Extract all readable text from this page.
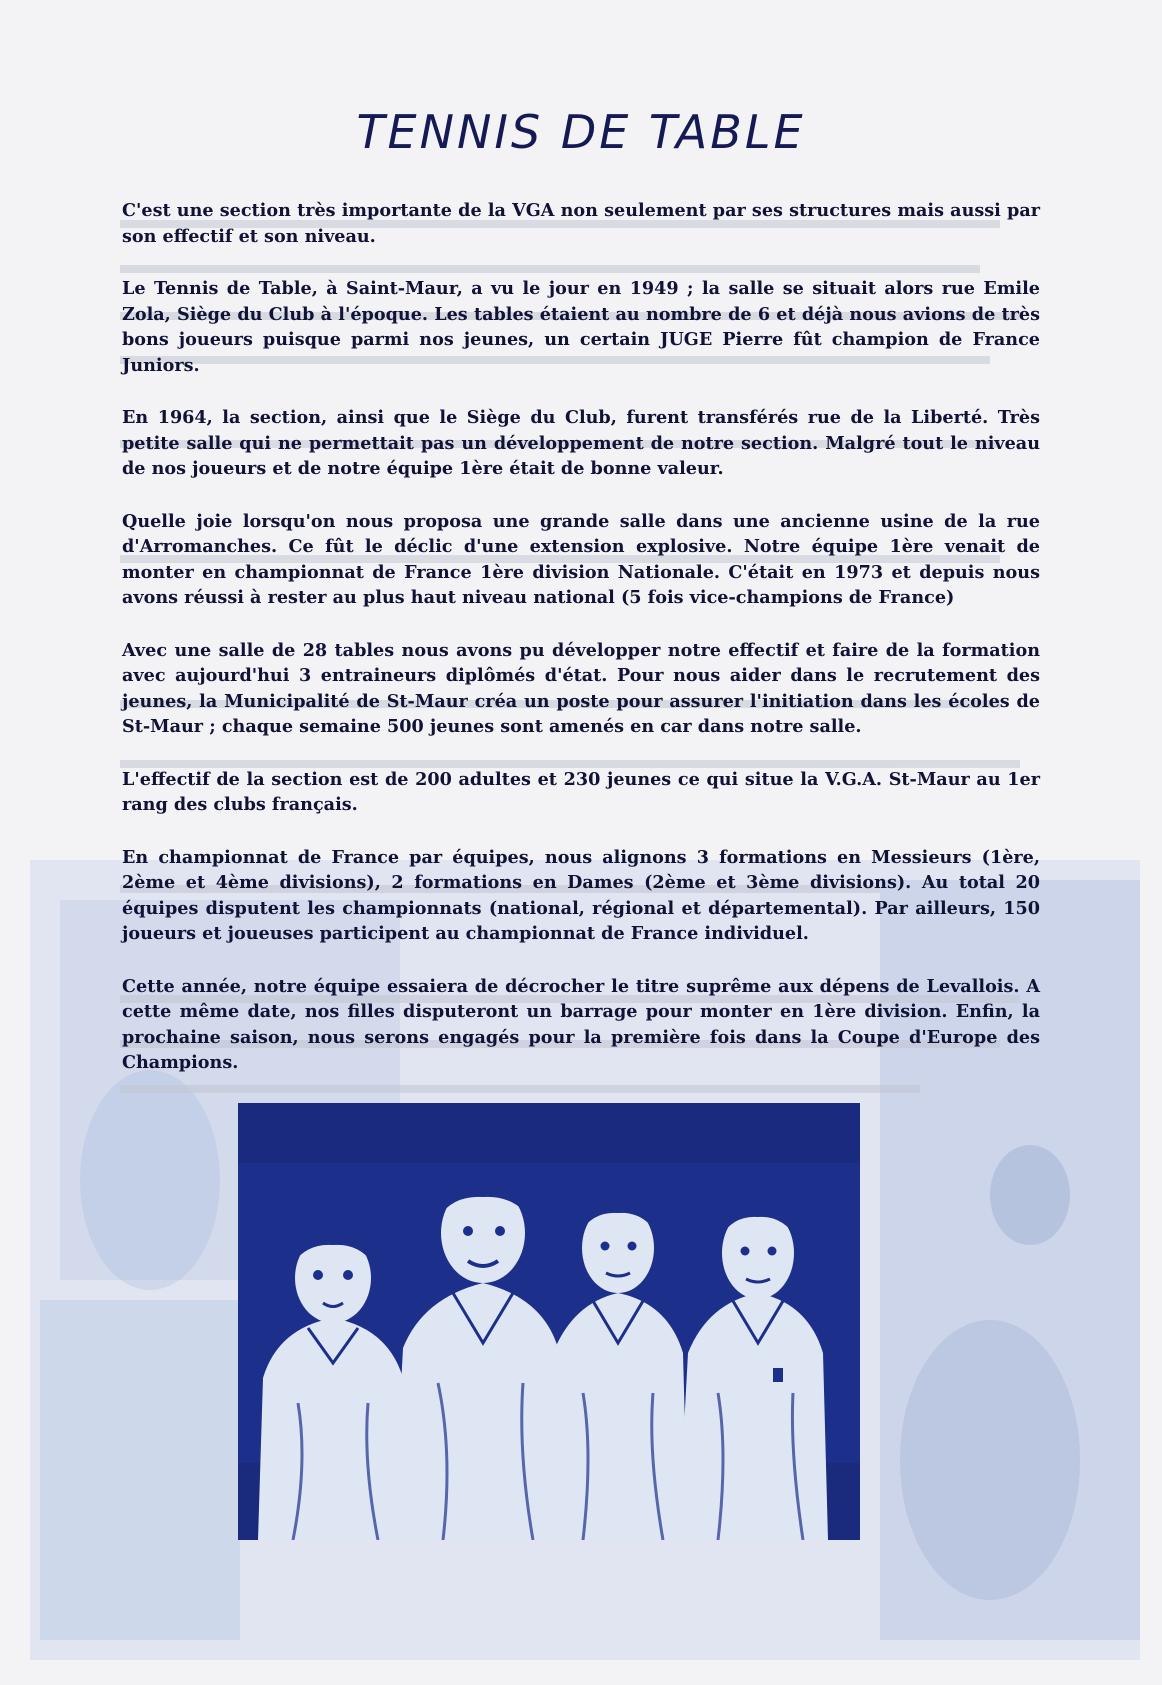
TENNIS DE TABLE

C'est une section très importante de la VGA non seulement par ses structures mais aussi par son effectif et son niveau.

Le Tennis de Table, à Saint-Maur, a vu le jour en 1949 ; la salle se situait alors rue Emile Zola, Siège du Club à l'époque. Les tables étaient au nombre de 6 et déjà nous avions de très bons joueurs puisque parmi nos jeunes, un certain JUGE Pierre fût champion de France Juniors.

En 1964, la section, ainsi que le Siège du Club, furent transférés rue de la Liberté. Très petite salle qui ne permettait pas un développement de notre section. Malgré tout le niveau de nos joueurs et de notre équipe 1ère était de bonne valeur.

Quelle joie lorsqu'on nous proposa une grande salle dans une ancienne usine de la rue d'Arromanches. Ce fût le déclic d'une extension explosive. Notre équipe 1ère venait de monter en championnat de France 1ère division Nationale. C'était en 1973 et depuis nous avons réussi à rester au plus haut niveau national (5 fois vice-champions de France)

Avec une salle de 28 tables nous avons pu développer notre effectif et faire de la formation avec aujourd'hui 3 entraineurs diplômés d'état. Pour nous aider dans le recrutement des jeunes, la Municipalité de St-Maur créa un poste pour assurer l'initiation dans les écoles de St-Maur ; chaque semaine 500 jeunes sont amenés en car dans notre salle.

L'effectif de la section est de 200 adultes et 230 jeunes ce qui situe la V.G.A. St-Maur au 1er rang des clubs français.

En championnat de France par équipes, nous alignons 3 formations en Messieurs (1ère, 2ème et 4ème divisions), 2 formations en Dames (2ème et 3ème divisions). Au total 20 équipes disputent les championnats (national, régional et départemental). Par ailleurs, 150 joueurs et joueuses participent au championnat de France individuel.

Cette année, notre équipe essaiera de décrocher le titre suprême aux dépens de Levallois. A cette même date, nos filles disputeront un barrage pour monter en 1ère division. Enfin, la prochaine saison, nous serons engagés pour la première fois dans la Coupe d'Europe des Champions.
